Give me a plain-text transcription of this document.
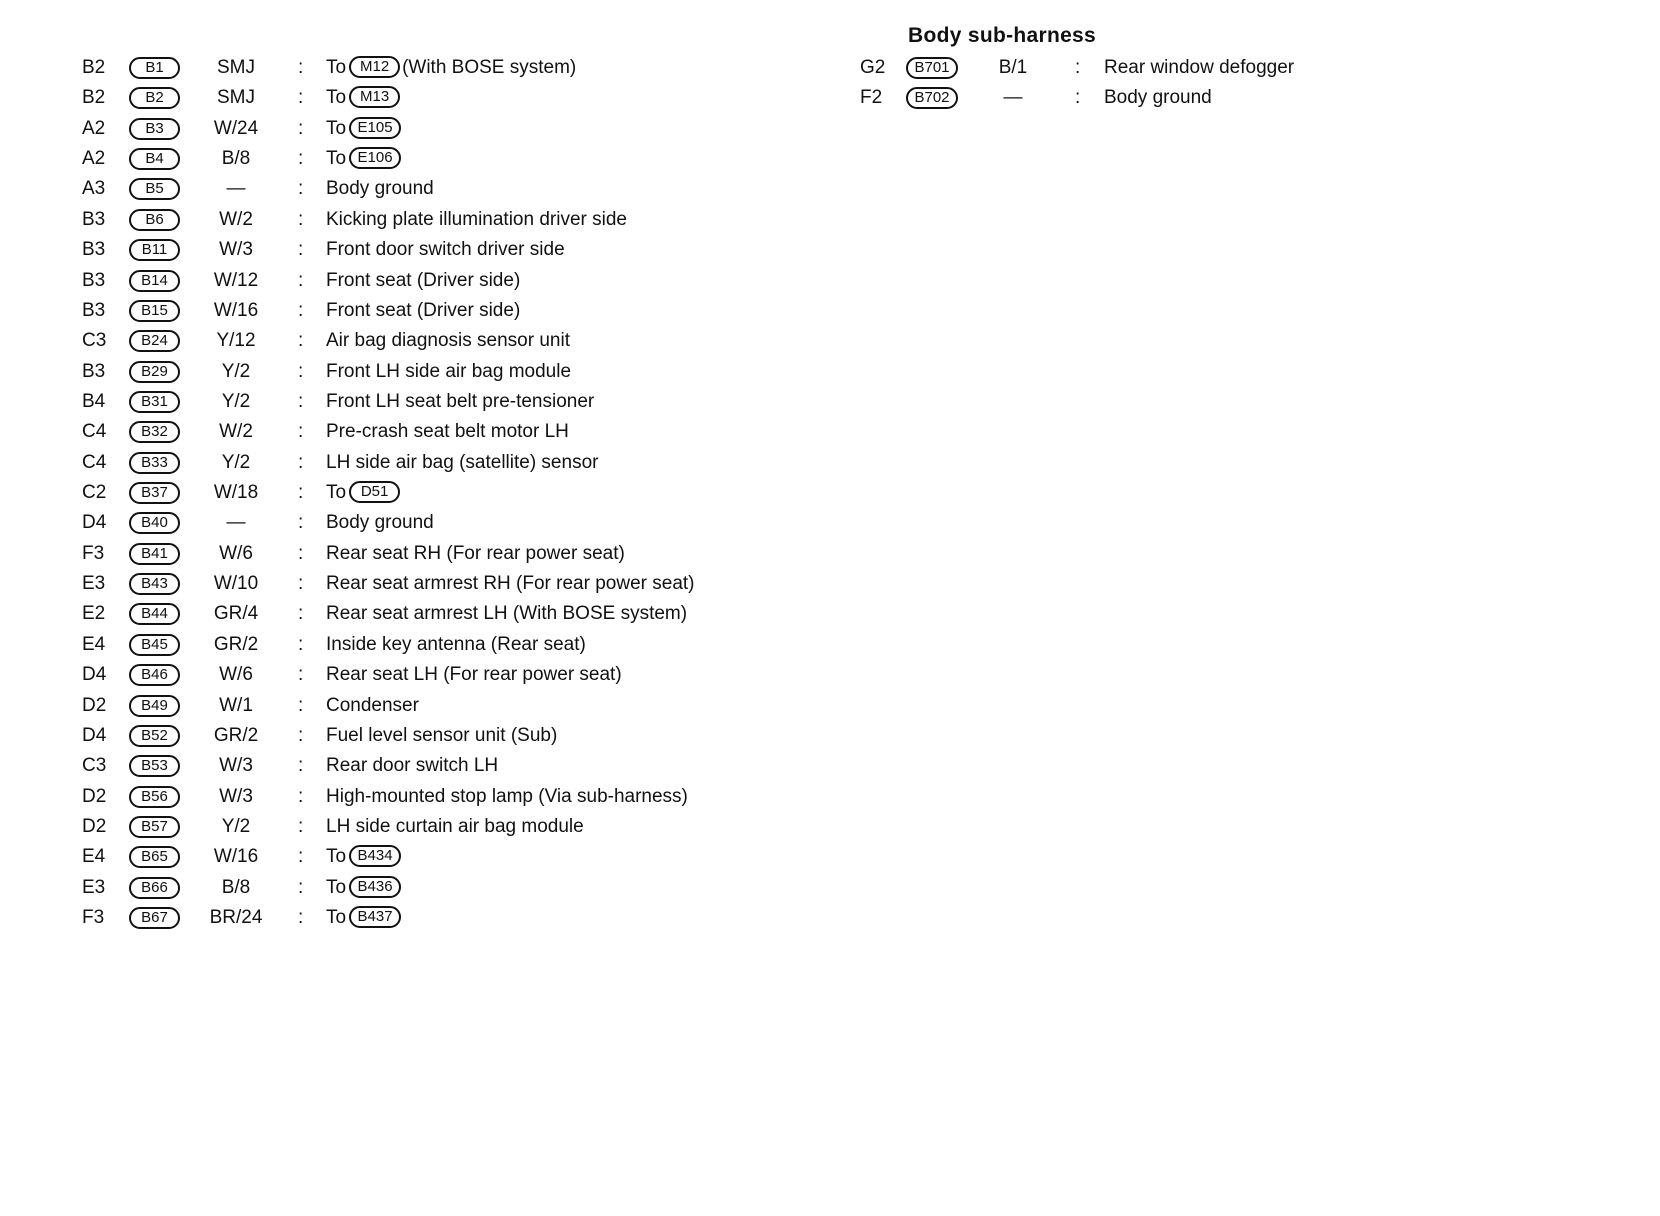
Body sub-harness
B2	B1	SMJ	: To M12 (With BOSE system)
B2	B2	SMJ	: To M13
A2	B3	W/24	: To E105
A2	B4	B/8	: To E106
A3	B5	—	: Body ground
B3	B6	W/2	: Kicking plate illumination driver side
B3	B11	W/3	: Front door switch driver side
B3	B14	W/12	: Front seat (Driver side)
B3	B15	W/16	: Front seat (Driver side)
C3	B24	Y/12	: Air bag diagnosis sensor unit
B3	B29	Y/2	: Front LH side air bag module
B4	B31	Y/2	: Front LH seat belt pre-tensioner
C4	B32	W/2	: Pre-crash seat belt motor LH
C4	B33	Y/2	: LH side air bag (satellite) sensor
C2	B37	W/18	: To D51
D4	B40	—	: Body ground
F3	B41	W/6	: Rear seat RH (For rear power seat)
E3	B43	W/10	: Rear seat armrest RH (For rear power seat)
E2	B44	GR/4	: Rear seat armrest LH (With BOSE system)
E4	B45	GR/2	: Inside key antenna (Rear seat)
D4	B46	W/6	: Rear seat LH (For rear power seat)
D2	B49	W/1	: Condenser
D4	B52	GR/2	: Fuel level sensor unit (Sub)
C3	B53	W/3	: Rear door switch LH
D2	B56	W/3	: High-mounted stop lamp (Via sub-harness)
D2	B57	Y/2	: LH side curtain air bag module
E4	B65	W/16	: To B434
E3	B66	B/8	: To B436
F3	B67	BR/24	: To B437
G2	B701	B/1	: Rear window defogger
F2	B702	—	: Body ground
